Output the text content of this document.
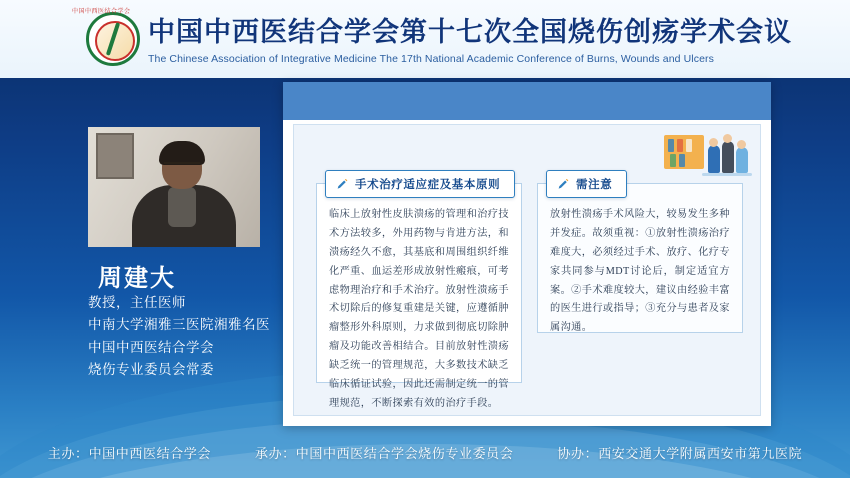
中国中西医结合学会
中国中西医结合学会第十七次全国烧伤创疡学术会议
The Chinese Association of Integrative Medicine The 17th National Academic Conference of Burns, Wounds and Ulcers
周建大
教授，主任医师
中南大学湘雅三医院湘雅名医
中国中西医结合学会
烧伤专业委员会常委
手术治疗适应症及基本原则
临床上放射性皮肤溃疡的管理和治疗技术方法较多，外用药物与肯进方法，和溃疡经久不愈，其基底和周围组织纤维化严重、血运差形成放射性瘢痕，可考虑物理治疗和手术治疗。放射性溃疡手术切除后的修复重建是关键，应遵循肿瘤整形外科原则，力求做到彻底切除肿瘤及功能改善相结合。目前放射性溃疡缺乏统一的管理规范，大多数技术缺乏临床循证试验，因此还需制定统一的管理规范，不断探索有效的治疗手段。
需注意
放射性溃疡手术风险大，较易发生多种并发症。故须重视：①放射性溃疡治疗难度大，必须经过手术、放疗、化疗专家共同参与MDT讨论后，制定适宜方案。②手术难度较大，建议由经验丰富的医生进行或指导；③充分与患者及家属沟通。
主办：中国中西医结合学会	承办：中国中西医结合学会烧伤专业委员会	协办：西安交通大学附属西安市第九医院
